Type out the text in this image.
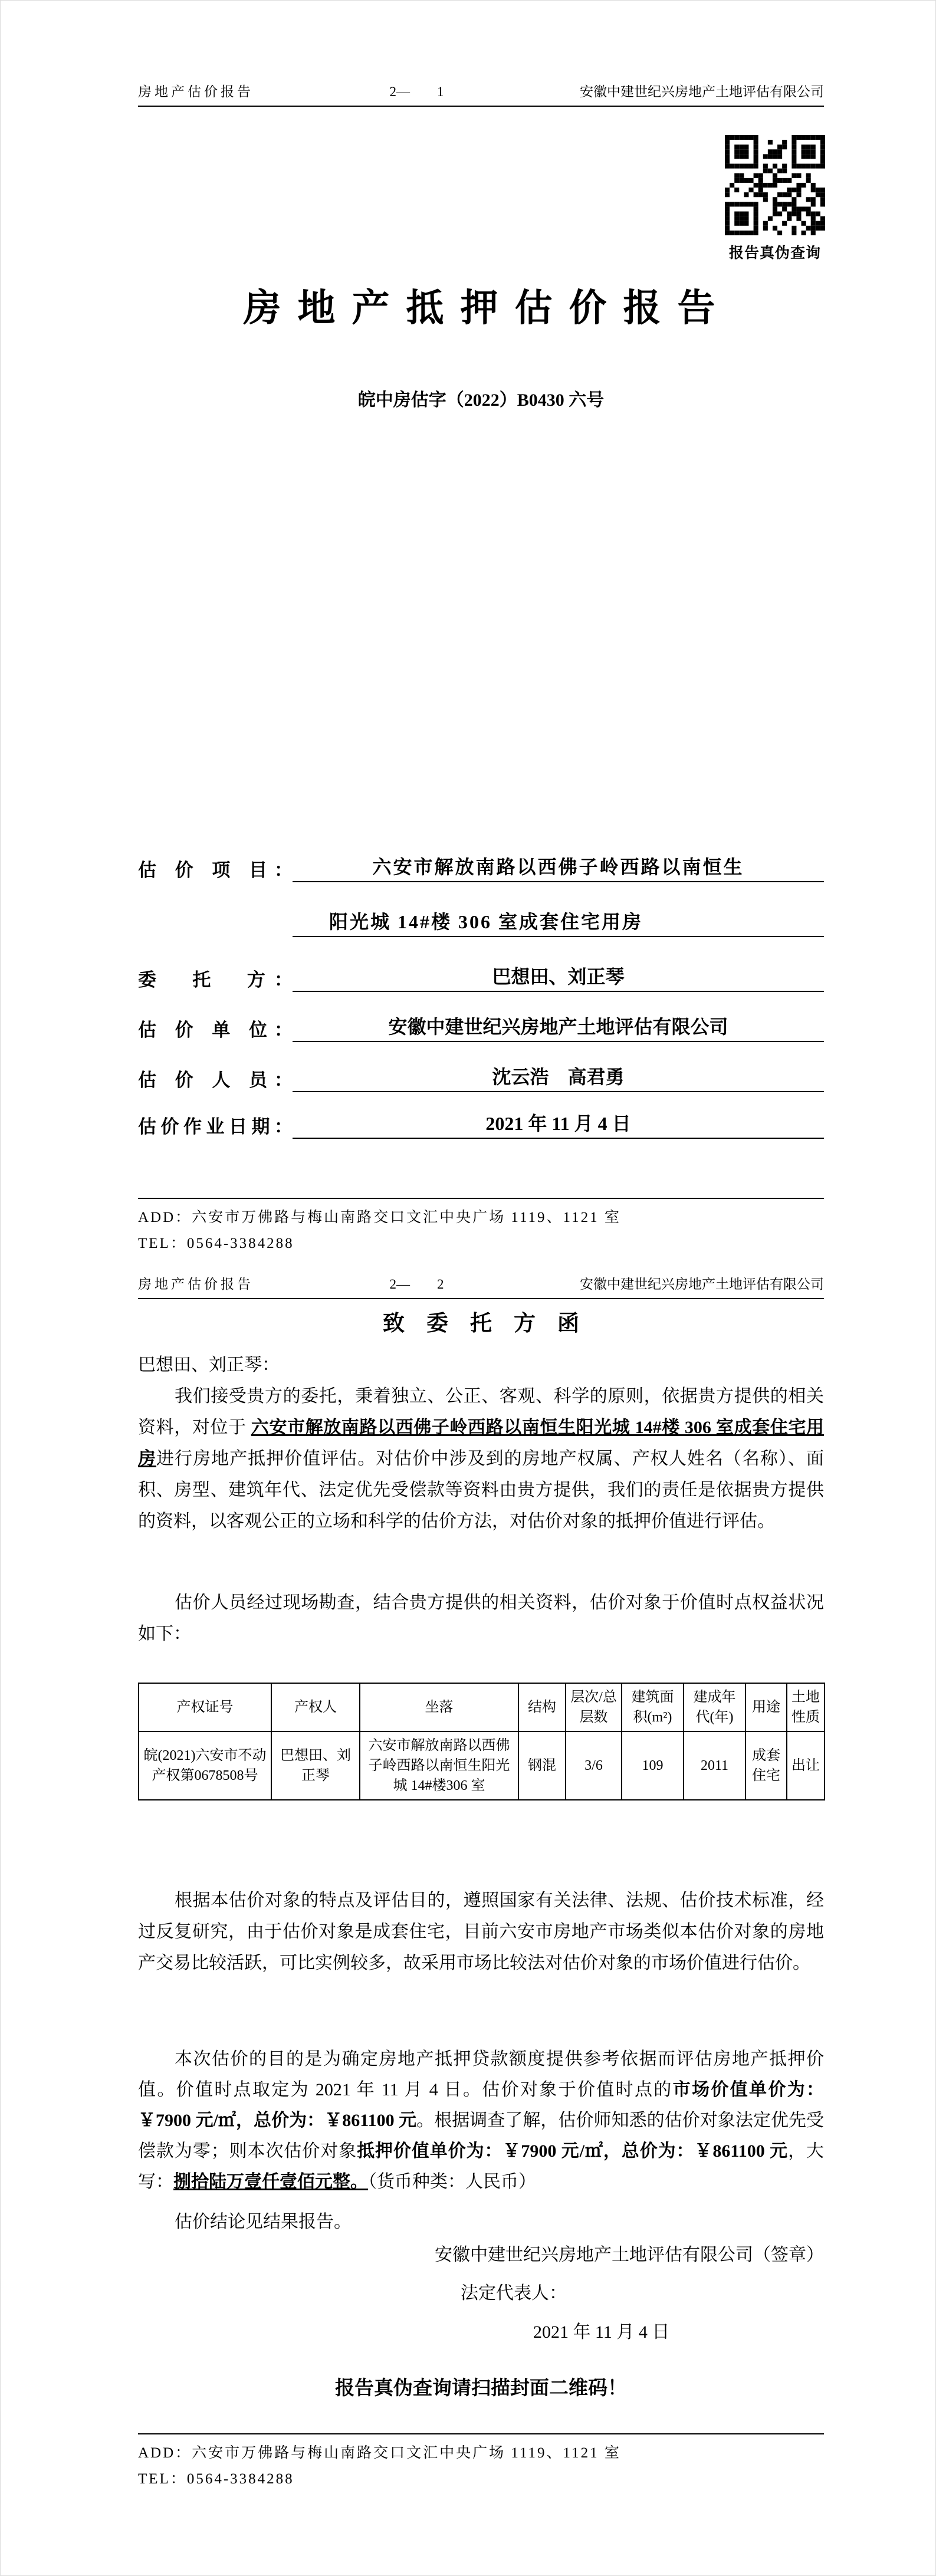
房地产估价报告	2—　　1	安徽中建世纪兴房地产土地评估有限公司
报告真伪查询
房 地 产 抵 押 估 价 报 告
皖中房估字（2022）B0430 六号
估 价 项 目：	六安市解放南路以西佛子岭西路以南恒生
阳光城 14#楼 306 室成套住宅用房
委　托　方：	巴想田、刘正琴
估 价 单 位：	安徽中建世纪兴房地产土地评估有限公司
估 价 人 员：	沈云浩　高君勇
估价作业日期：	2021 年 11 月 4 日
ADD：六安市万佛路与梅山南路交口文汇中央广场 1119、1121 室
TEL：0564-3384288
房地产估价报告	2—　　2	安徽中建世纪兴房地产土地评估有限公司
致　委　托　方　函
巴想田、刘正琴：
我们接受贵方的委托，秉着独立、公正、客观、科学的原则，依据贵方提供的相关资料，对位于 六安市解放南路以西佛子岭西路以南恒生阳光城 14#楼 306 室成套住宅用房进行房地产抵押价值评估。对估价中涉及到的房地产权属、产权人姓名（名称）、面积、房型、建筑年代、法定优先受偿款等资料由贵方提供，我们的责任是依据贵方提供的资料，以客观公正的立场和科学的估价方法，对估价对象的抵押价值进行评估。
估价人员经过现场勘查，结合贵方提供的相关资料，估价对象于价值时点权益状况如下：
产权证号	产权人	坐落	结构	层次/总层数	建筑面积(m²)	建成年代(年)	用途	土地性质
皖(2021)六安市不动产权第0678508号	巴想田、刘正琴	六安市解放南路以西佛子岭西路以南恒生阳光城 14#楼306 室	钢混	3/6	109	2011	成套住宅	出让
根据本估价对象的特点及评估目的，遵照国家有关法律、法规、估价技术标准，经过反复研究，由于估价对象是成套住宅，目前六安市房地产市场类似本估价对象的房地产交易比较活跃，可比实例较多，故采用市场比较法对估价对象的市场价值进行估价。
本次估价的目的是为确定房地产抵押贷款额度提供参考依据而评估房地产抵押价值。价值时点取定为 2021 年 11 月 4 日。估价对象于价值时点的市场价值单价为：￥7900 元/㎡，总价为：￥861100 元。根据调查了解，估价师知悉的估价对象法定优先受偿款为零；则本次估价对象抵押价值单价为：￥7900 元/㎡，总价为：￥861100 元，大写：捌拾陆万壹仟壹佰元整。（货币种类：人民币）
估价结论见结果报告。
安徽中建世纪兴房地产土地评估有限公司（签章）
法定代表人：
2021 年 11 月 4 日
报告真伪查询请扫描封面二维码！
ADD：六安市万佛路与梅山南路交口文汇中央广场 1119、1121 室
TEL：0564-3384288
